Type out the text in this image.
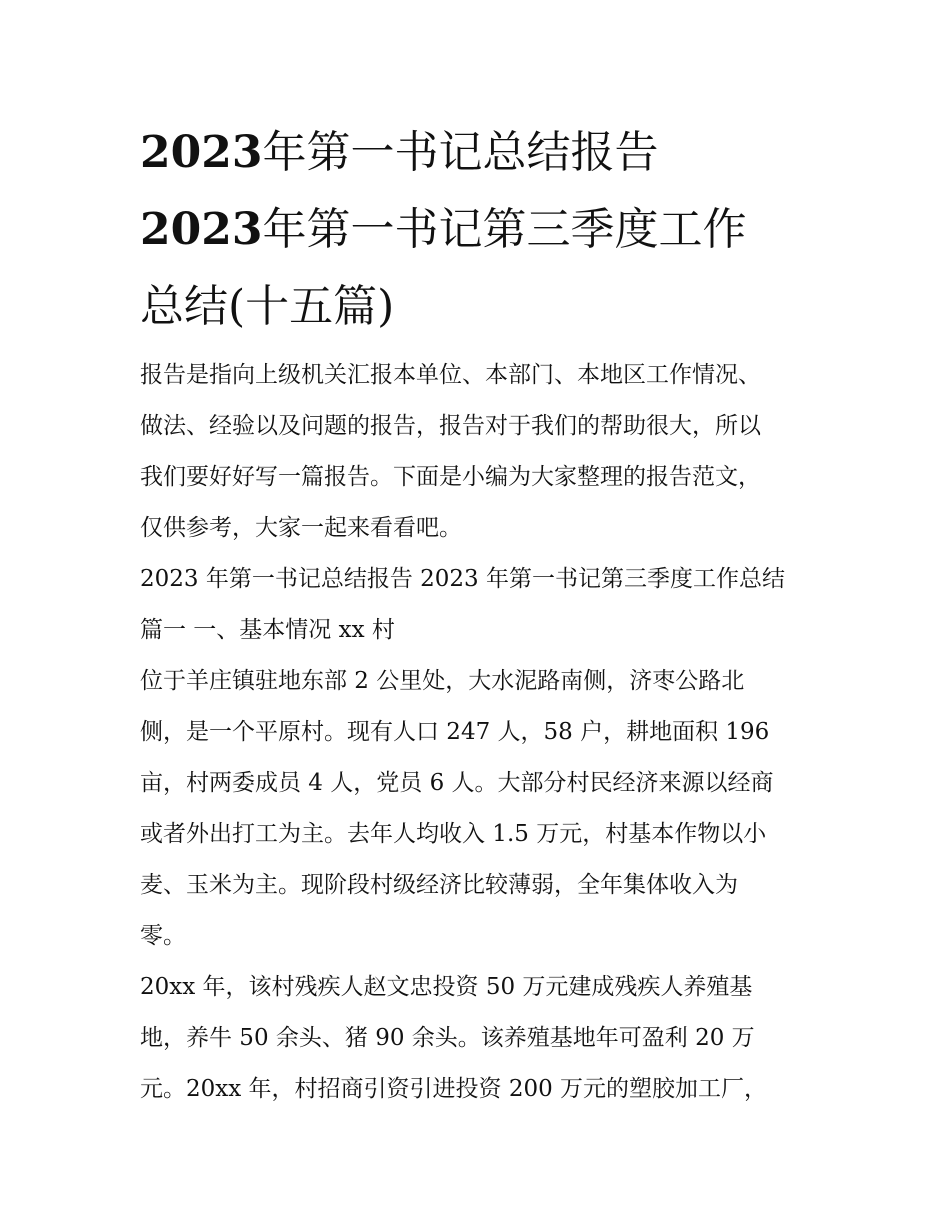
2023年第一书记总结报告
2023年第一书记第三季度工作
总结(十五篇)
报告是指向上级机关汇报本单位、本部门、本地区工作情况、
做法、经验以及问题的报告，报告对于我们的帮助很大，所以
我们要好好写一篇报告。下面是小编为大家整理的报告范文，
仅供参考，大家一起来看看吧。
2023 年第一书记总结报告 2023 年第一书记第三季度工作总结
篇一 一、基本情况 xx 村
位于羊庄镇驻地东部 2 公里处，大水泥路南侧，济枣公路北
侧，是一个平原村。现有人口 247 人，58 户，耕地面积 196
亩，村两委成员 4 人，党员 6 人。大部分村民经济来源以经商
或者外出打工为主。去年人均收入 1.5 万元，村基本作物以小
麦、玉米为主。现阶段村级经济比较薄弱，全年集体收入为
零。
20xx 年，该村残疾人赵文忠投资 50 万元建成残疾人养殖基
地，养牛 50 余头、猪 90 余头。该养殖基地年可盈利 20 万
元。20xx 年，村招商引资引进投资 200 万元的塑胶加工厂，
